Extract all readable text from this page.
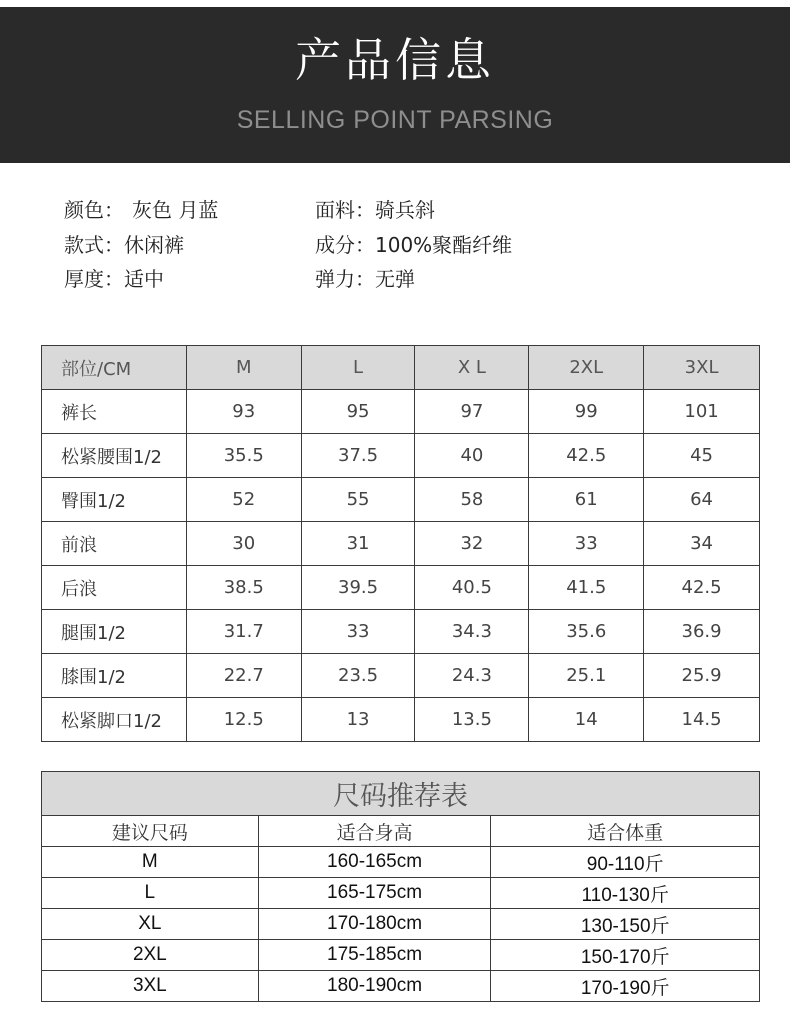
产品信息
SELLING POINT PARSING
颜色： 灰色 月蓝
款式：休闲裤
厚度：适中
面料：骑兵斜
成分：100%聚酯纤维
弹力：无弹
部位/CM	M	L	X L	2XL	3XL
裤长	93	95	97	99	101
松紧腰围1/2	35.5	37.5	40	42.5	45
臀围1/2	52	55	58	61	64
前浪	30	31	32	33	34
后浪	38.5	39.5	40.5	41.5	42.5
腿围1/2	31.7	33	34.3	35.6	36.9
膝围1/2	22.7	23.5	24.3	25.1	25.9
松紧脚口1/2	12.5	13	13.5	14	14.5
尺码推荐表		
建议尺码	适合身高	适合体重
M	160-165cm	90-110斤
L	165-175cm	110-130斤
XL	170-180cm	130-150斤
2XL	175-185cm	150-170斤
3XL	180-190cm	170-190斤
